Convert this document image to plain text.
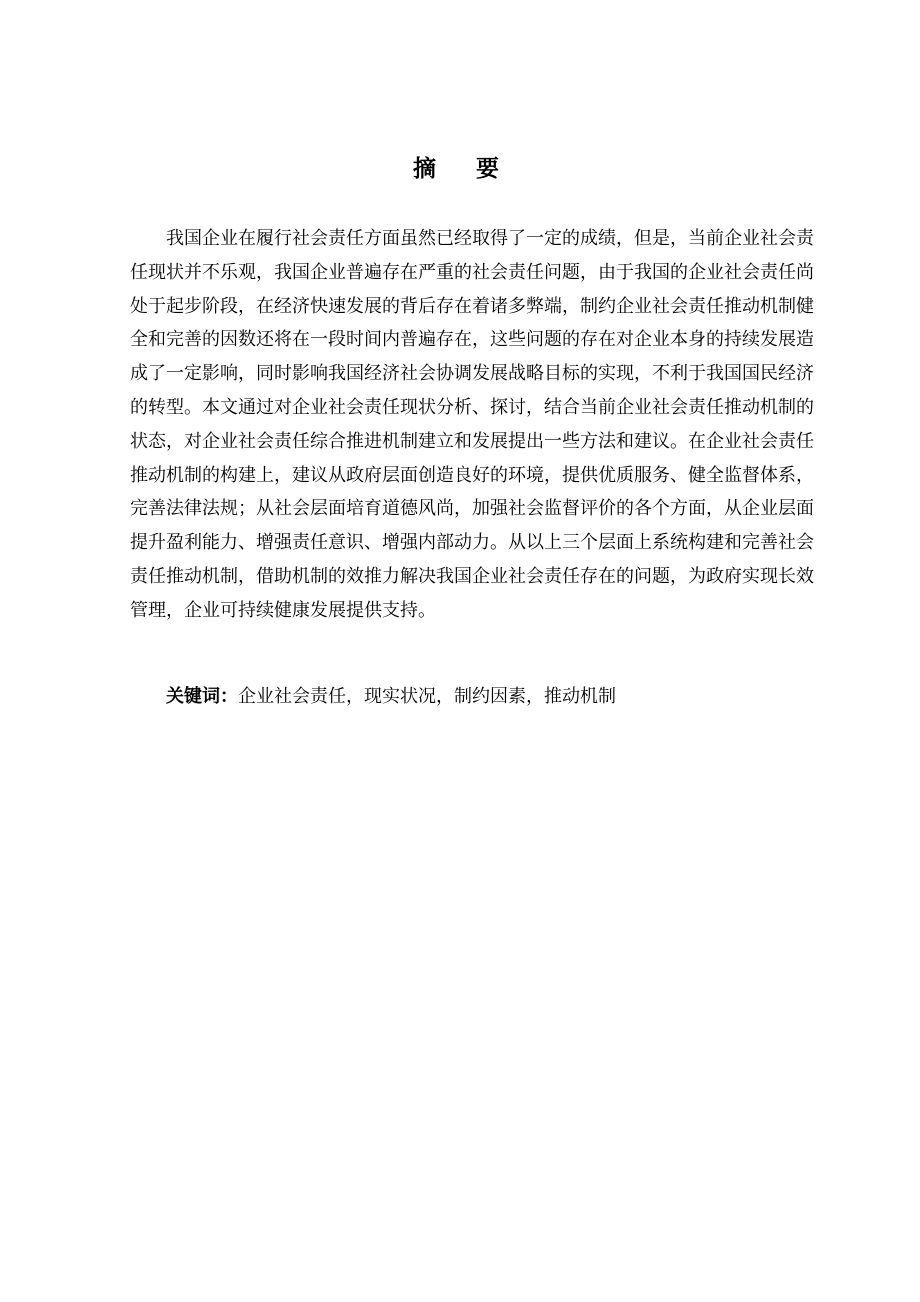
摘 要

我国企业在履行社会责任方面虽然已经取得了一定的成绩，但是，当前企业社会责任现状并不乐观，我国企业普遍存在严重的社会责任问题，由于我国的企业社会责任尚处于起步阶段，在经济快速发展的背后存在着诸多弊端，制约企业社会责任推动机制健全和完善的因数还将在一段时间内普遍存在，这些问题的存在对企业本身的持续发展造成了一定影响，同时影响我国经济社会协调发展战略目标的实现，不利于我国国民经济的转型。本文通过对企业社会责任现状分析、探讨，结合当前企业社会责任推动机制的状态，对企业社会责任综合推进机制建立和发展提出一些方法和建议。在企业社会责任推动机制的构建上，建议从政府层面创造良好的环境，提供优质服务、健全监督体系，完善法律法规；从社会层面培育道德风尚，加强社会监督评价的各个方面，从企业层面提升盈利能力、增强责任意识、增强内部动力。从以上三个层面上系统构建和完善社会责任推动机制，借助机制的效推力解决我国企业社会责任存在的问题，为政府实现长效管理，企业可持续健康发展提供支持。

关键词：企业社会责任，现实状况，制约因素，推动机制
